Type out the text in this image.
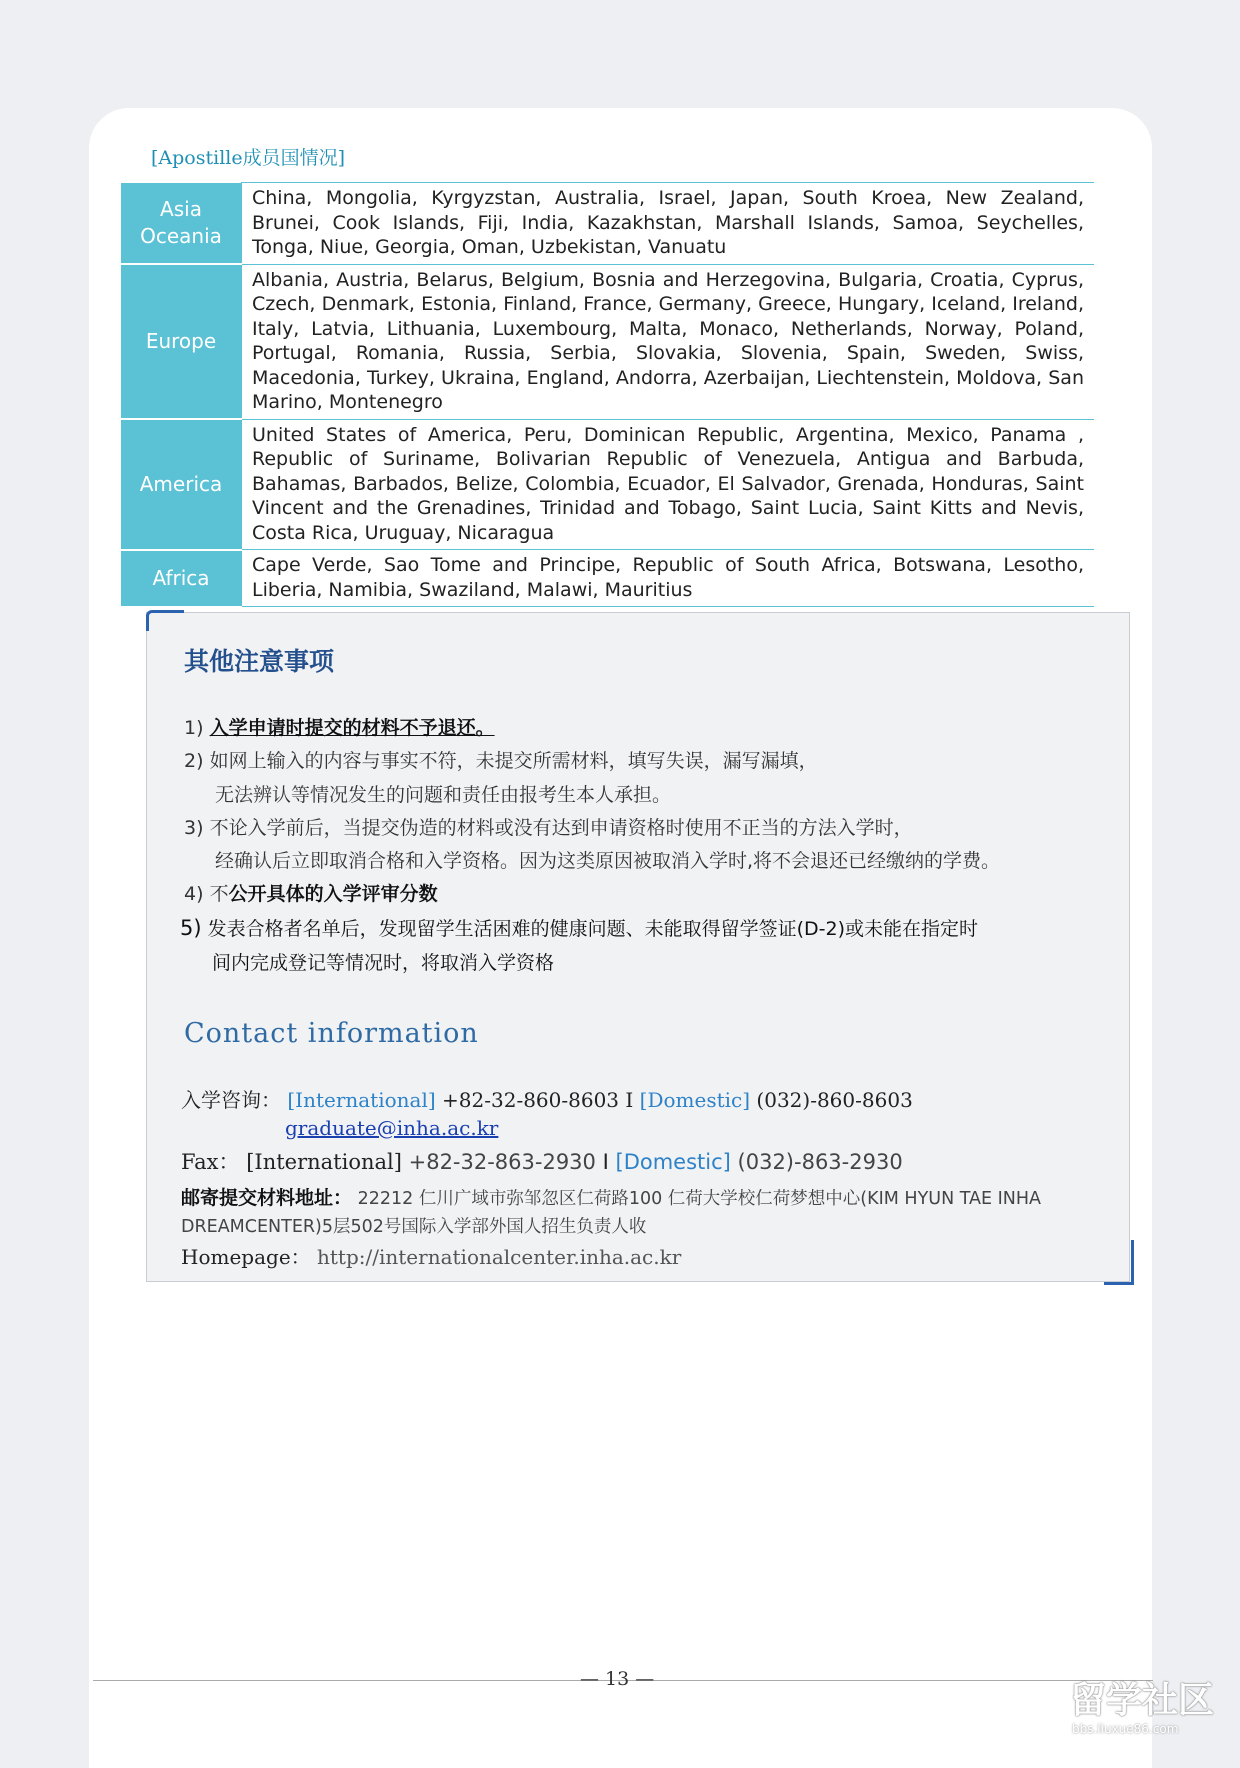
[Apostille成员国情况]
Asia Oceania	China, Mongolia, Kyrgyzstan, Australia, Israel, Japan, South Kroea, New Zealand, Brunei, Cook Islands, Fiji, India, Kazakhstan, Marshall Islands, Samoa, Seychelles, Tonga, Niue, Georgia, Oman, Uzbekistan, Vanuatu
Europe	Albania, Austria, Belarus, Belgium, Bosnia and Herzegovina, Bulgaria, Croatia, Cyprus, Czech, Denmark, Estonia, Finland, France, Germany, Greece, Hungary, Iceland, Ireland, Italy, Latvia, Lithuania, Luxembourg, Malta, Monaco, Netherlands, Norway, Poland, Portugal, Romania, Russia, Serbia, Slovakia, Slovenia, Spain, Sweden, Swiss, Macedonia, Turkey, Ukraina, England, Andorra, Azerbaijan, Liechtenstein, Moldova, San Marino, Montenegro
America	United States of America, Peru, Dominican Republic, Argentina, Mexico, Panama , Republic of Suriname, Bolivarian Republic of Venezuela, Antigua and Barbuda, Bahamas, Barbados, Belize, Colombia, Ecuador, El Salvador, Grenada, Honduras, Saint Vincent and the Grenadines, Trinidad and Tobago, Saint Lucia, Saint Kitts and Nevis, Costa Rica, Uruguay, Nicaragua
Africa	Cape Verde, Sao Tome and Principe, Republic of South Africa, Botswana, Lesotho, Liberia, Namibia, Swaziland, Malawi, Mauritius
其他注意事项
1) 入学申请时提交的材料不予退还。
2) 如网上输入的内容与事实不符，未提交所需材料，填写失误，漏写漏填，
无法辨认等情况发生的问题和责任由报考生本人承担。
3) 不论入学前后，当提交伪造的材料或没有达到申请资格时使用不正当的方法入学时，
经确认后立即取消合格和入学资格。因为这类原因被取消入学时,将不会退还已经缴纳的学费。
4) 不公开具体的入学评审分数
5) 发表合格者名单后，发现留学生活困难的健康问题、未能取得留学签证(D-2)或未能在指定时
间内完成登记等情况时，将取消入学资格
Contact information
入学咨询： [International] +82-32-860-8603 I [Domestic] (032)-860-8603
graduate@inha.ac.kr
Fax： [International] +82-32-863-2930 I [Domestic] (032)-863-2930
邮寄提交材料地址： 22212 仁川广域市弥邹忽区仁荷路100 仁荷大学校仁荷梦想中心(KIM HYUN TAE INHA
DREAMCENTER)5层502号国际入学部外国人招生负责人收
Homepage： http://internationalcenter.inha.ac.kr
— 13 —
留学社区
bbs.liuxue86.com
